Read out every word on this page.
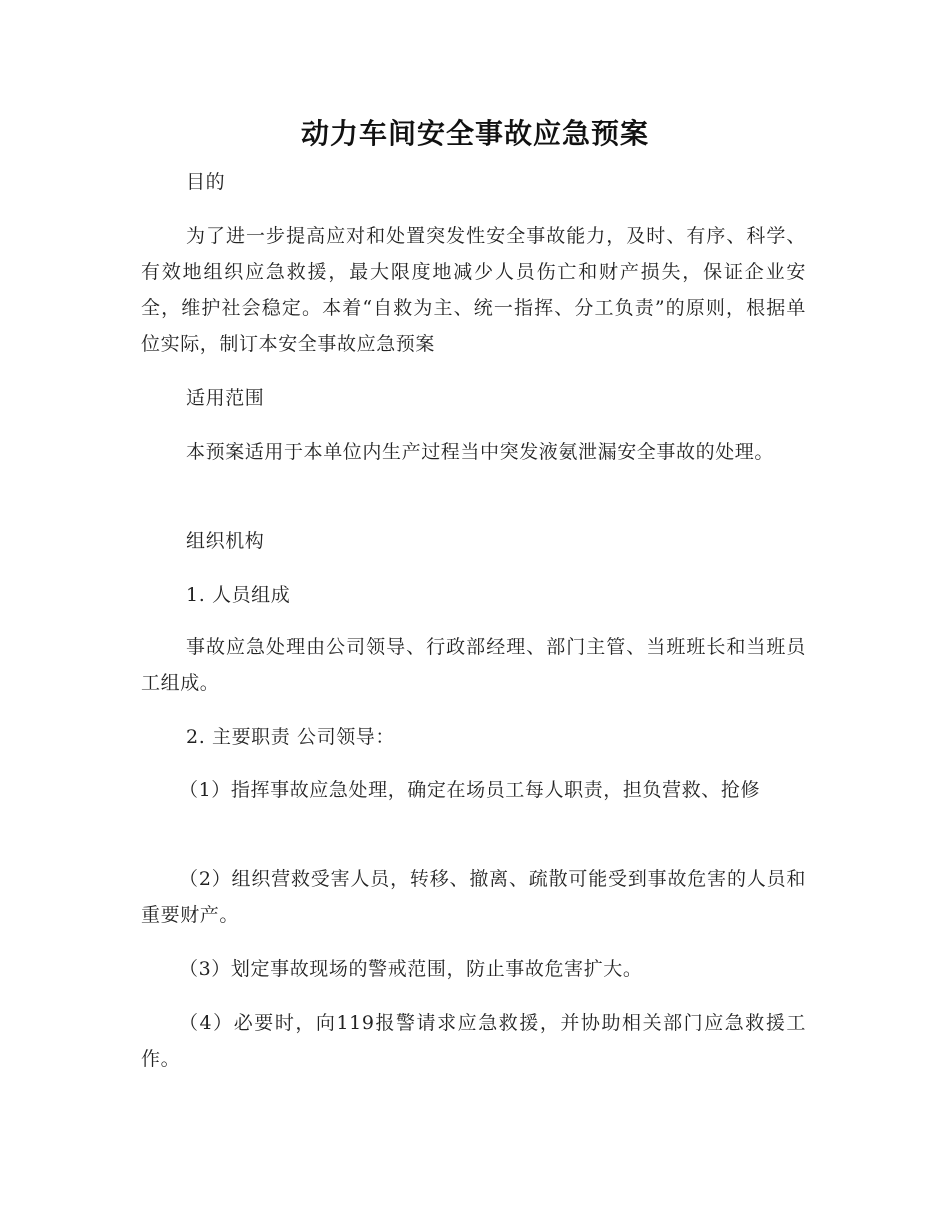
动力车间安全事故应急预案

目的

为了进一步提高应对和处置突发性安全事故能力，及时、有序、科学、有效地组织应急救援，最大限度地减少人员伤亡和财产损失，保证企业安全，维护社会稳定。本着“自救为主、统一指挥、分工负责”的原则，根据单位实际，制订本安全事故应急预案

适用范围

本预案适用于本单位内生产过程当中突发液氨泄漏安全事故的处理。

组织机构

1. 人员组成

事故应急处理由公司领导、行政部经理、部门主管、当班班长和当班员工组成。

2. 主要职责 公司领导：

（1）指挥事故应急处理，确定在场员工每人职责，担负营救、抢修

（2）组织营救受害人员，转移、撤离、疏散可能受到事故危害的人员和重要财产。

（3）划定事故现场的警戒范围，防止事故危害扩大。

（4）必要时，向119报警请求应急救援，并协助相关部门应急救援工作。
